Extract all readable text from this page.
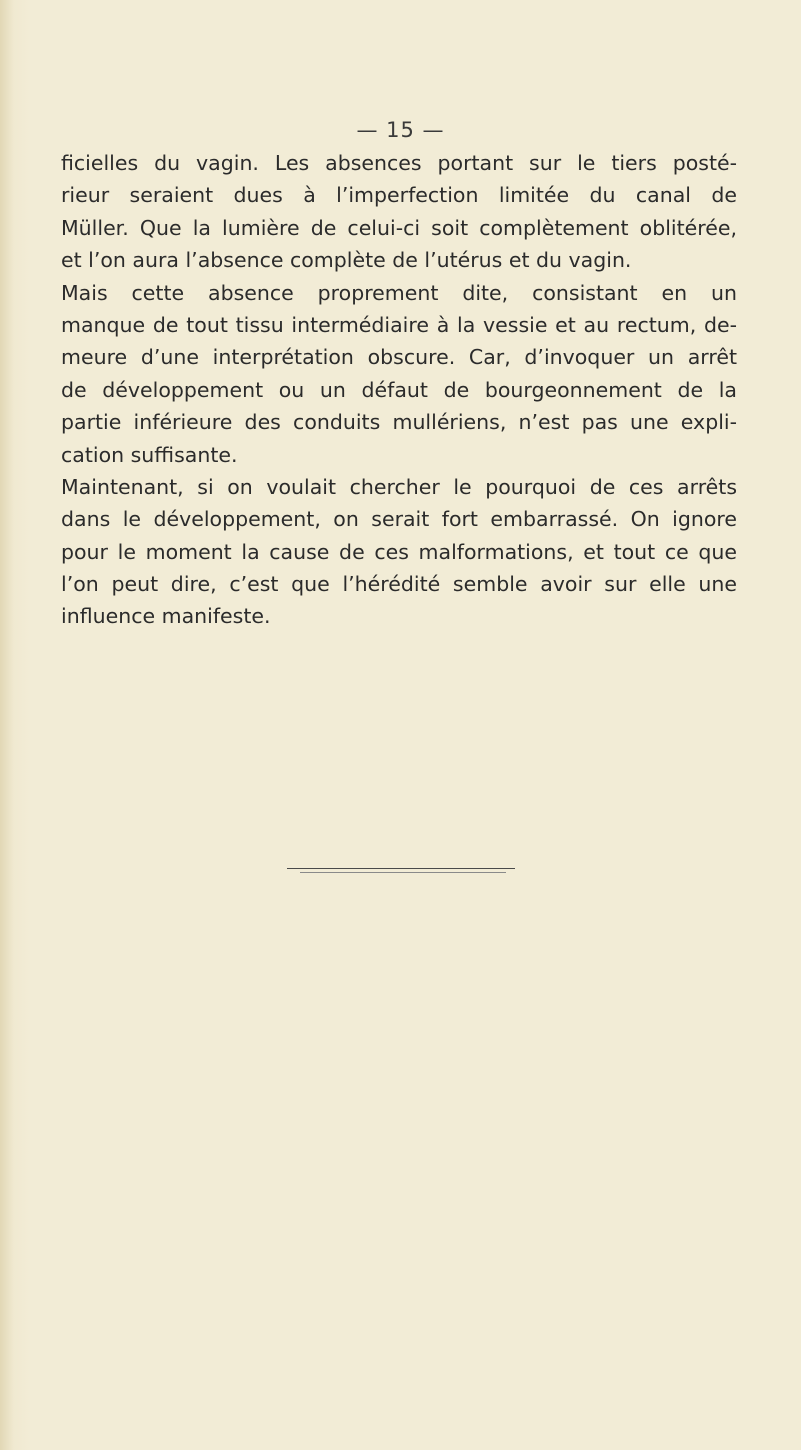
— 15 —
ficielles du vagin. Les absences portant sur le tiers posté-
rieur seraient dues à l’imperfection limitée du canal de
Müller. Que la lumière de celui-ci soit complètement oblitérée,
et l’on aura l’absence complète de l’utérus et du vagin.
Mais cette absence proprement dite, consistant en un
manque de tout tissu intermédiaire à la vessie et au rectum, de-
meure d’une interprétation obscure. Car, d’invoquer un arrêt
de développement ou un défaut de bourgeonnement de la
partie inférieure des conduits mullériens, n’est pas une expli-
cation suffisante.
Maintenant, si on voulait chercher le pourquoi de ces arrêts
dans le développement, on serait fort embarrassé. On ignore
pour le moment la cause de ces malformations, et tout ce que
l’on peut dire, c’est que l’hérédité semble avoir sur elle une
influence manifeste.
